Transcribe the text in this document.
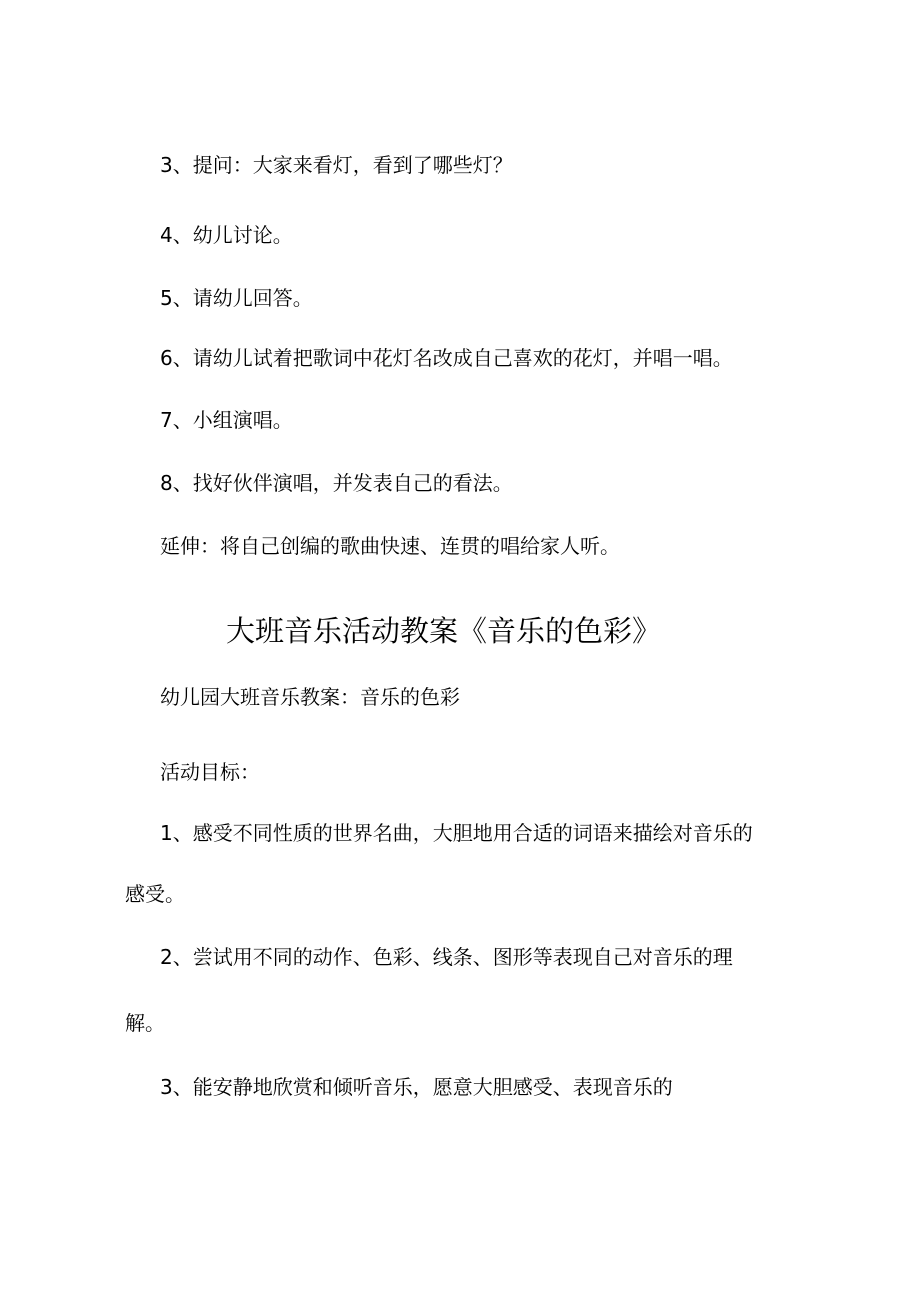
3、提问：大家来看灯，看到了哪些灯？

4、幼儿讨论。

5、请幼儿回答。

6、请幼儿试着把歌词中花灯名改成自己喜欢的花灯，并唱一唱。

7、小组演唱。

8、找好伙伴演唱，并发表自己的看法。

延伸：将自己创编的歌曲快速、连贯的唱给家人听。

大班音乐活动教案《音乐的色彩》

幼儿园大班音乐教案：音乐的色彩

活动目标：

1、感受不同性质的世界名曲，大胆地用合适的词语来描绘对音乐的

感受。

2、尝试用不同的动作、色彩、线条、图形等表现自己对音乐的理

解。

3、能安静地欣赏和倾听音乐，愿意大胆感受、表现音乐的
